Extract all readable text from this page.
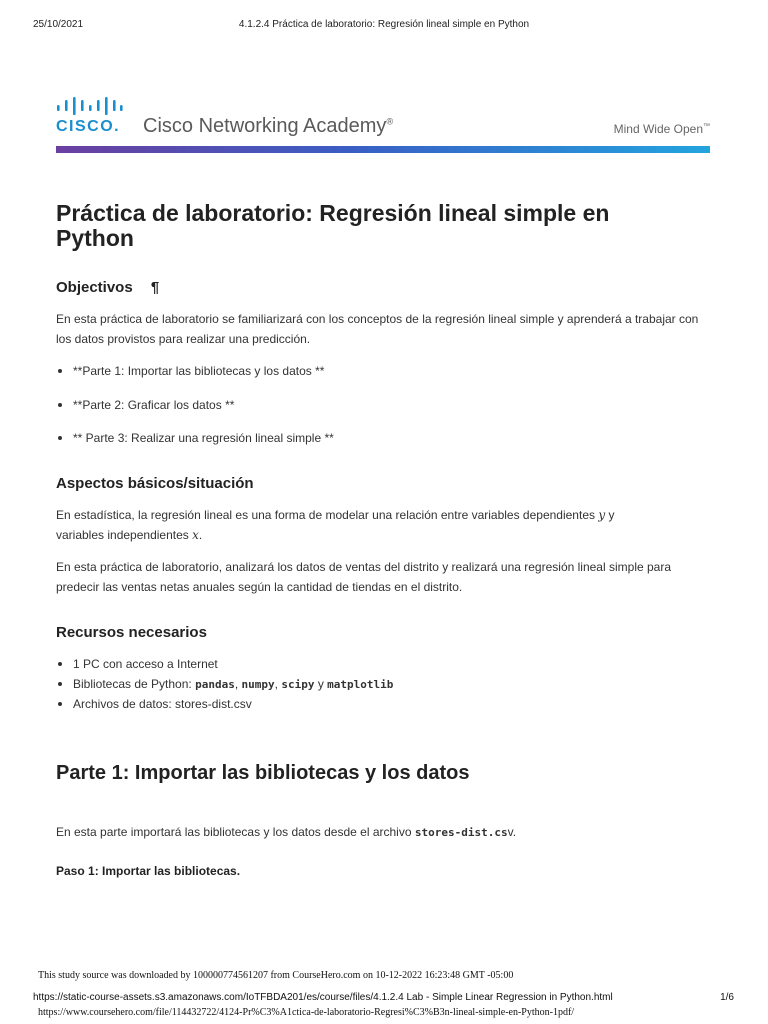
25/10/2021	4.1.2.4 Práctica de laboratorio: Regresión lineal simple en Python
CISCO. Cisco Networking Academy®
Mind Wide Open™
Práctica de laboratorio: Regresión lineal simple en Python
Objectivos ¶
En esta práctica de laboratorio se familiarizará con los conceptos de la regresión lineal simple y aprenderá a trabajar con los datos provistos para realizar una predicción.
**Parte 1: Importar las bibliotecas y los datos **
**Parte 2: Graficar los datos **
** Parte 3: Realizar una regresión lineal simple **
Aspectos básicos/situación
En estadística, la regresión lineal es una forma de modelar una relación entre variables dependientes y y
variables independientes x.
En esta práctica de laboratorio, analizará los datos de ventas del distrito y realizará una regresión lineal simple para predecir las ventas netas anuales según la cantidad de tiendas en el distrito.
Recursos necesarios
1 PC con acceso a Internet
Bibliotecas de Python: pandas, numpy, scipy y matplotlib
Archivos de datos: stores-dist.csv
Parte 1: Importar las bibliotecas y los datos
En esta parte importará las bibliotecas y los datos desde el archivo stores-dist.csv.
Paso 1: Importar las bibliotecas.
This study source was downloaded by 100000774561207 from CourseHero.com on 10-12-2022 16:23:48 GMT -05:00
https://static-course-assets.s3.amazonaws.com/IoTFBDA201/es/course/files/4.1.2.4 Lab - Simple Linear Regression in Python.html	1/6
https://www.coursehero.com/file/114432722/4124-Pr%C3%A1ctica-de-laboratorio-Regresi%C3%B3n-lineal-simple-en-Python-1pdf/
